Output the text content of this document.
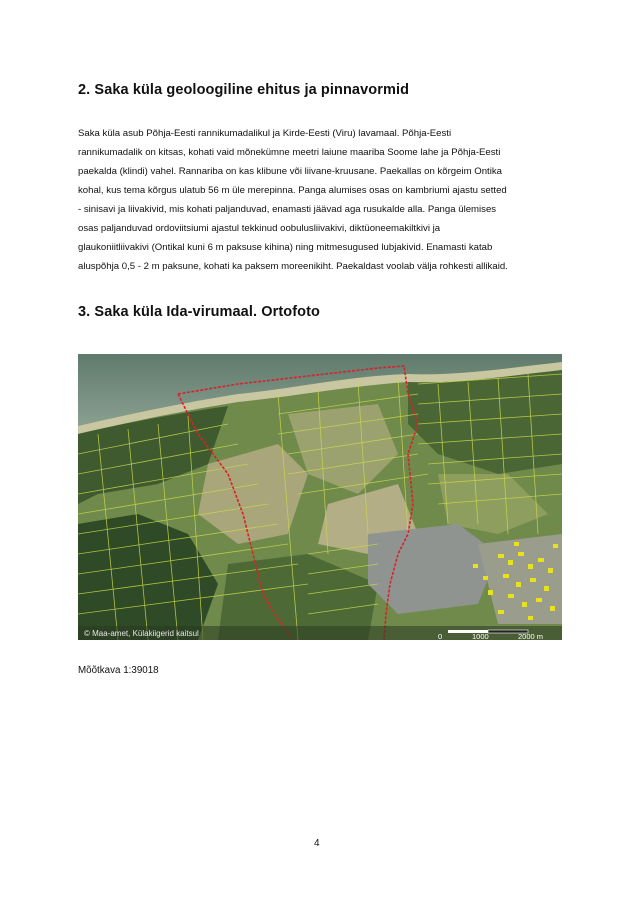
2. Saka küla geoloogiline ehitus ja pinnavormid
Saka küla asub Põhja-Eesti rannikumadalikul ja Kirde-Eesti (Viru) lavamaal. Põhja-Eesti
rannikumadalik on kitsas, kohati vaid mõnekümne meetri laiune maariba Soome lahe ja Põhja-Eesti
paekalda (klindi) vahel. Rannariba on kas klibune või liivane-kruusane. Paekallas on kõrgeim Ontika
kohal, kus tema kõrgus ulatub 56 m üle merepinna. Panga alumises osas on kambriumi ajastu setted
- sinisavi ja liivakivid, mis kohati paljanduvad, enamasti jäävad aga rusukalde alla. Panga ülemises
osas paljanduvad ordoviitsiumi ajastul tekkinud oobulusliivakivi, diktüoneemakiltkivi ja
glaukoniitliivakivi (Ontikal kuni 6 m paksuse kihina) ning mitmesugused lubjakivid. Enamasti katab
aluspõhja 0,5 - 2 m paksune, kohati ka paksem moreenikiht. Paekaldast voolab välja rohkesti allikaid.
3. Saka küla Ida-virumaal. Ortofoto
© Maa-amet, Külakiigerid kaitsul	0	1000	2000 m
Mõõtkava 1:39018
4
